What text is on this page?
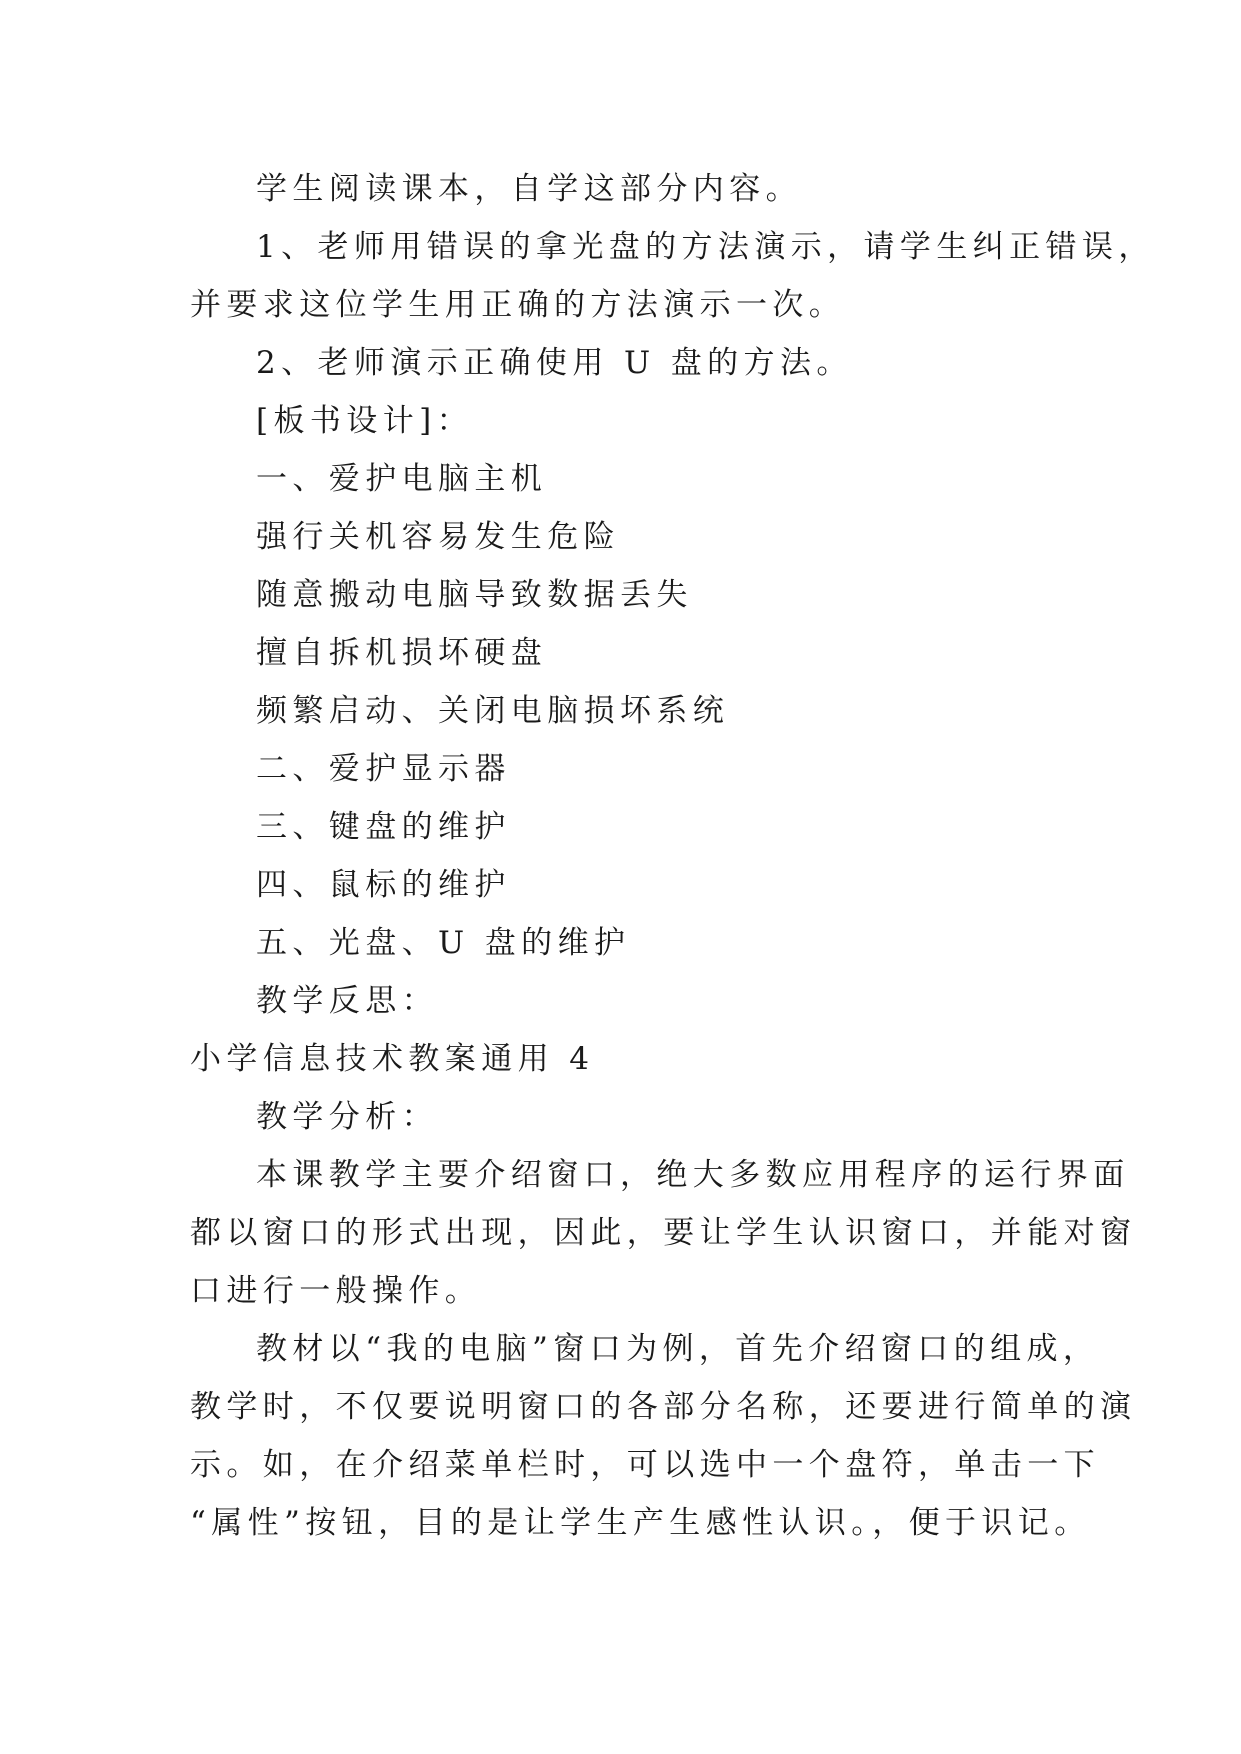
学生阅读课本，自学这部分内容。
1、老师用错误的拿光盘的方法演示，请学生纠正错误，
并要求这位学生用正确的方法演示一次。
2、老师演示正确使用 U 盘的方法。
[板书设计]：
一、爱护电脑主机
强行关机容易发生危险
随意搬动电脑导致数据丢失
擅自拆机损坏硬盘
频繁启动、关闭电脑损坏系统
二、爱护显示器
三、键盘的维护
四、鼠标的维护
五、光盘、U 盘的维护
教学反思：
小学信息技术教案通用 4
教学分析：
本课教学主要介绍窗口，绝大多数应用程序的运行界面
都以窗口的形式出现，因此，要让学生认识窗口，并能对窗
口进行一般操作。
教材以“我的电脑”窗口为例，首先介绍窗口的组成，
教学时，不仅要说明窗口的各部分名称，还要进行简单的演
示。如，在介绍菜单栏时，可以选中一个盘符，单击一下
“属性”按钮，目的是让学生产生感性认识。，便于识记。
